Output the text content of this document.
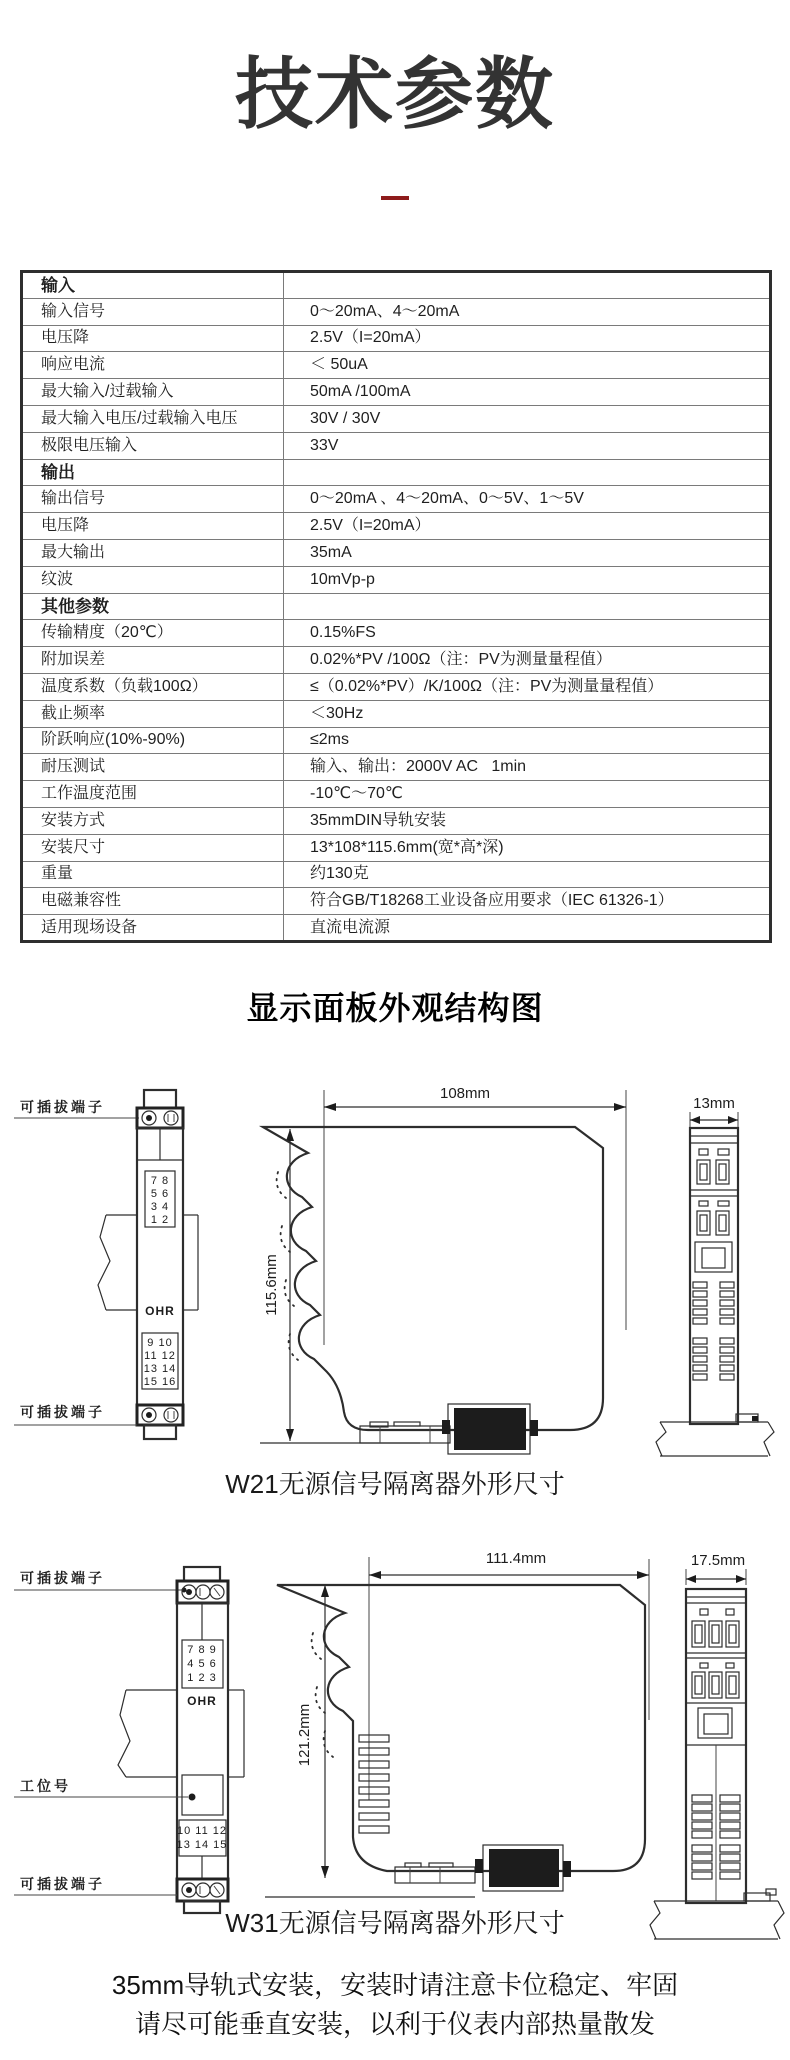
技术参数
输入	
输入信号	0～20mA、4～20mA
电压降	2.5V（I=20mA）
响应电流	＜ 50uA
最大输入/过载输入	50mA /100mA
最大输入电压/过载输入电压	30V / 30V
极限电压输入	33V
输出	
输出信号	0～20mA 、4～20mA、0～5V、1～5V
电压降	2.5V（I=20mA）
最大输出	35mA
纹波	10mVp-p
其他参数	
传输精度（20℃）	0.15%FS
附加误差	0.02%*PV /100Ω（注：PV为测量量程值）
温度系数（负载100Ω）	≤（0.02%*PV）/K/100Ω（注：PV为测量量程值）
截止频率	＜30Hz
阶跃响应(10%-90%)	≤2ms
耐压测试	输入、输出：2000V AC   1min
工作温度范围	-10℃～70℃
安装方式	35mmDIN导轨安装
安装尺寸	13*108*115.6mm(宽*高*深)
重量	约130克
电磁兼容性	符合GB/T18268工业设备应用要求（IEC 61326-1）
适用现场设备	直流电流源
显示面板外观结构图
可插拔端子
7 8
5 6
3 4
1 2
OHR
9 10
11 12
13 14
15 16
可插拔端子
108mm
115.6mm
13mm
W21无源信号隔离器外形尺寸
可插拔端子
7 8 9
4 5 6
1 2 3
OHR
工位号
10 11 12
13 14 15
可插拔端子
111.4mm
121.2mm
17.5mm
W31无源信号隔离器外形尺寸
35mm导轨式安装，安装时请注意卡位稳定、牢固
请尽可能垂直安装，以利于仪表内部热量散发
